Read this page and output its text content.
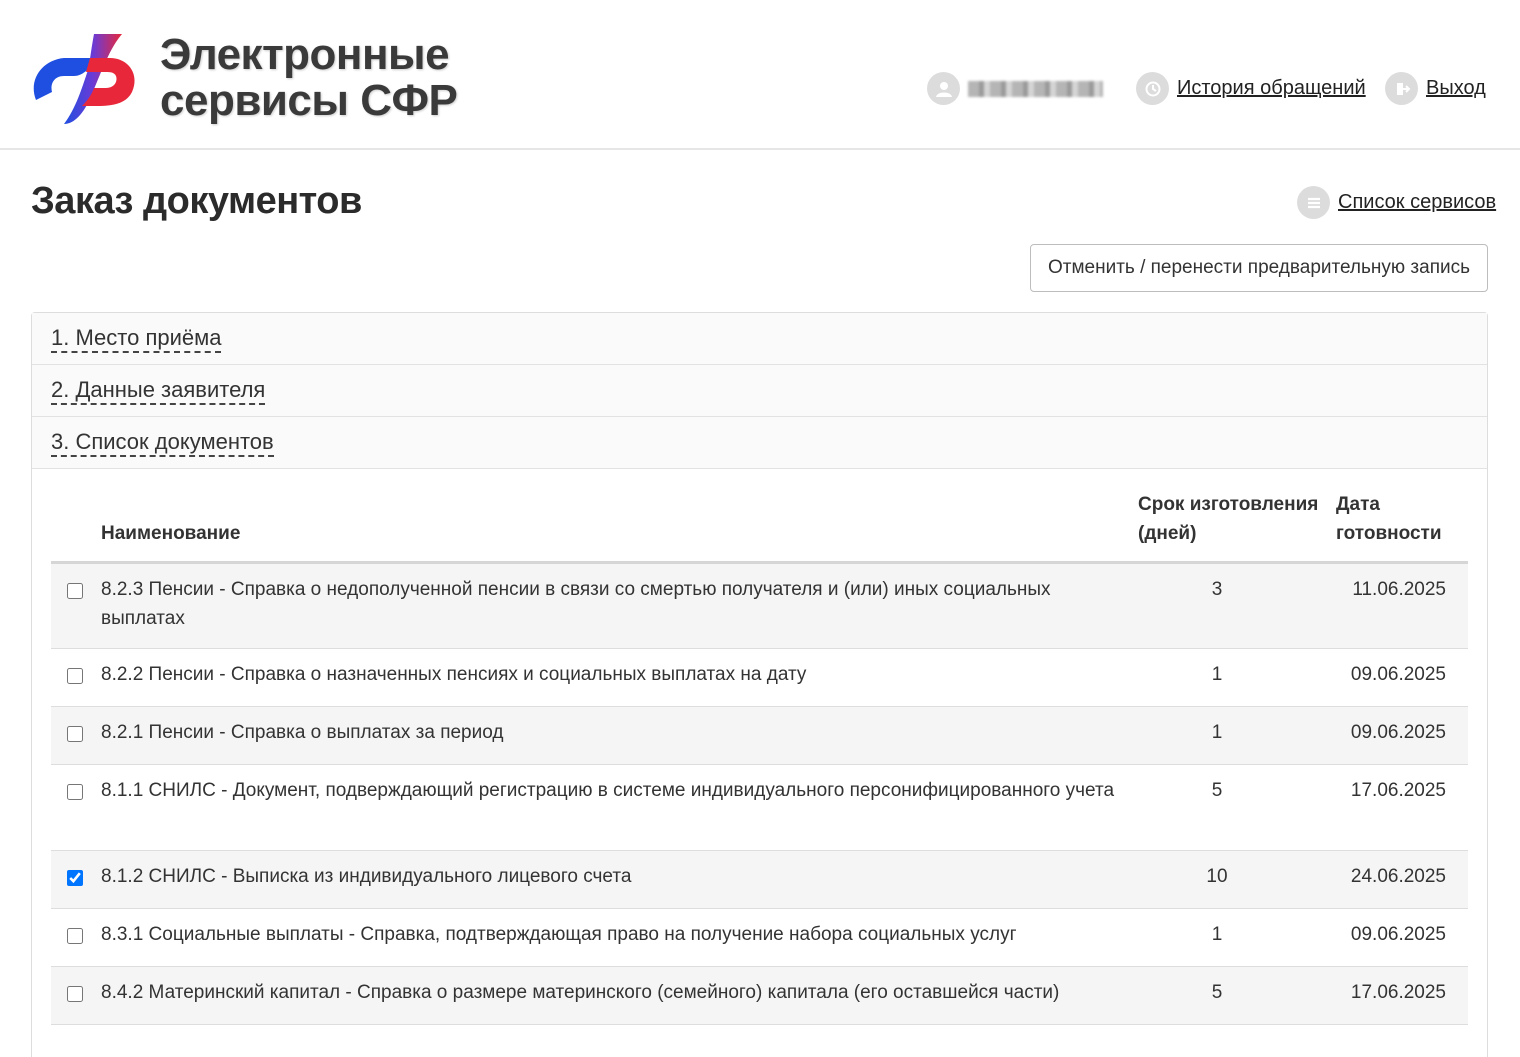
Электронные сервисы СФР	История обращений	Выход
Заказ документов	Список сервисов
Отменить / перенести предварительную запись
1. Место приёма
2. Данные заявителя
3. Список документов
	Наименование	Срок изготовления (дней)	Дата готовности
	8.2.3 Пенсии - Справка о недополученной пенсии в связи со смертью получателя и (или) иных социальных выплатах	3	11.06.2025
	8.2.2 Пенсии - Справка о назначенных пенсиях и социальных выплатах на дату	1	09.06.2025
	8.2.1 Пенсии - Справка о выплатах за период	1	09.06.2025
	8.1.1 СНИЛС - Документ, подверждающий регистрацию в системе индивидуального персонифицированного учета	5	17.06.2025
	8.1.2 СНИЛС - Выписка из индивидуального лицевого счета	10	24.06.2025
	8.3.1 Социальные выплаты - Справка, подтверждающая право на получение набора социальных услуг	1	09.06.2025
	8.4.2 Материнский капитал - Справка о размере материнского (семейного) капитала (его оставшейся части)	5	17.06.2025
